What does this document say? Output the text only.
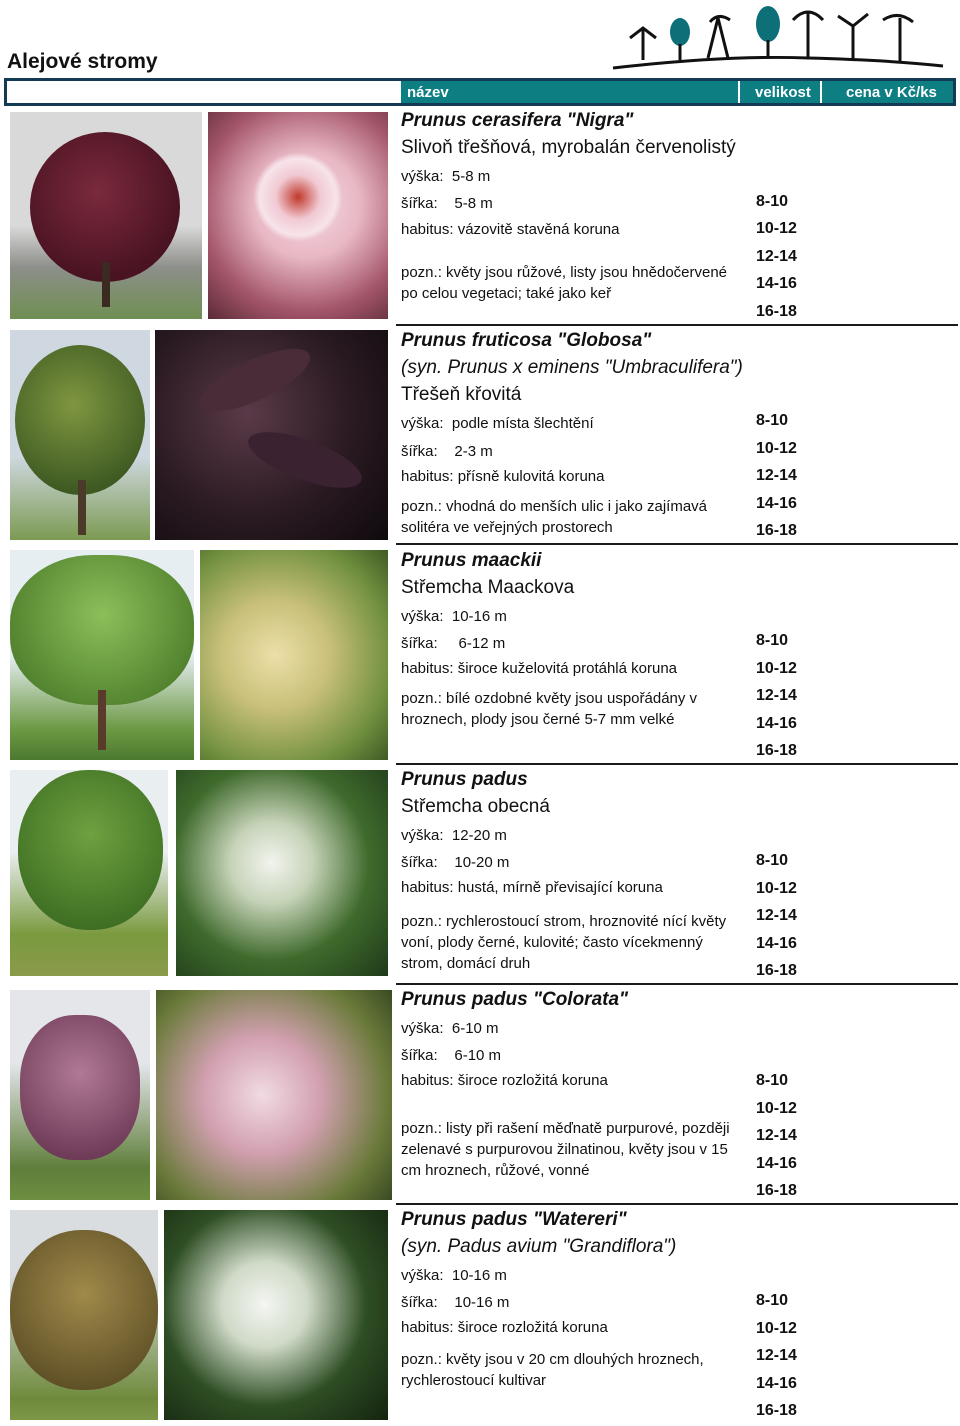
Alejové stromy
název	velikost cena v Kč/ks
Prunus cerasifera "Nigra"
Slivoň třešňová, myrobalán červenolistý
výška: 5-8 m
šířka: 5-8 m
habitus: vázovitě stavěná koruna
pozn.: květy jsou růžové, listy jsou hnědočervené po celou vegetaci; také jako keř
8-10
10-12
12-14
14-16
16-18
Prunus fruticosa "Globosa"
(syn. Prunus x eminens "Umbraculifera")
Třešeň křovitá
výška: podle místa šlechtění
šířka: 2-3 m
habitus: přísně kulovitá koruna
pozn.: vhodná do menších ulic i jako zajímavá solitéra ve veřejných prostorech
8-10
10-12
12-14
14-16
16-18
Prunus maackii
Střemcha Maackova
výška: 10-16 m
šířka: 6-12 m
habitus: široce kuželovitá protáhlá koruna
pozn.: bílé ozdobné květy jsou uspořádány v hroznech, plody jsou černé 5-7 mm velké
8-10
10-12
12-14
14-16
16-18
Prunus padus
Střemcha obecná
výška: 12-20 m
šířka: 10-20 m
habitus: hustá, mírně převisající koruna
pozn.: rychlerostoucí strom, hroznovité nící květy voní, plody černé, kulovité; často vícekmenný strom, domácí druh
8-10
10-12
12-14
14-16
16-18
Prunus padus "Colorata"
výška: 6-10 m
šířka: 6-10 m
habitus: široce rozložitá koruna
pozn.: listy při rašení měďnatě purpurové, později zelenavé s purpurovou žilnatinou, květy jsou v 15 cm hroznech, růžové, vonné
8-10
10-12
12-14
14-16
16-18
Prunus padus "Watereri"
(syn. Padus avium "Grandiflora")
výška: 10-16 m
šířka: 10-16 m
habitus: široce rozložitá koruna
pozn.: květy jsou v 20 cm dlouhých hroznech, rychlerostoucí kultivar
8-10
10-12
12-14
14-16
16-18
